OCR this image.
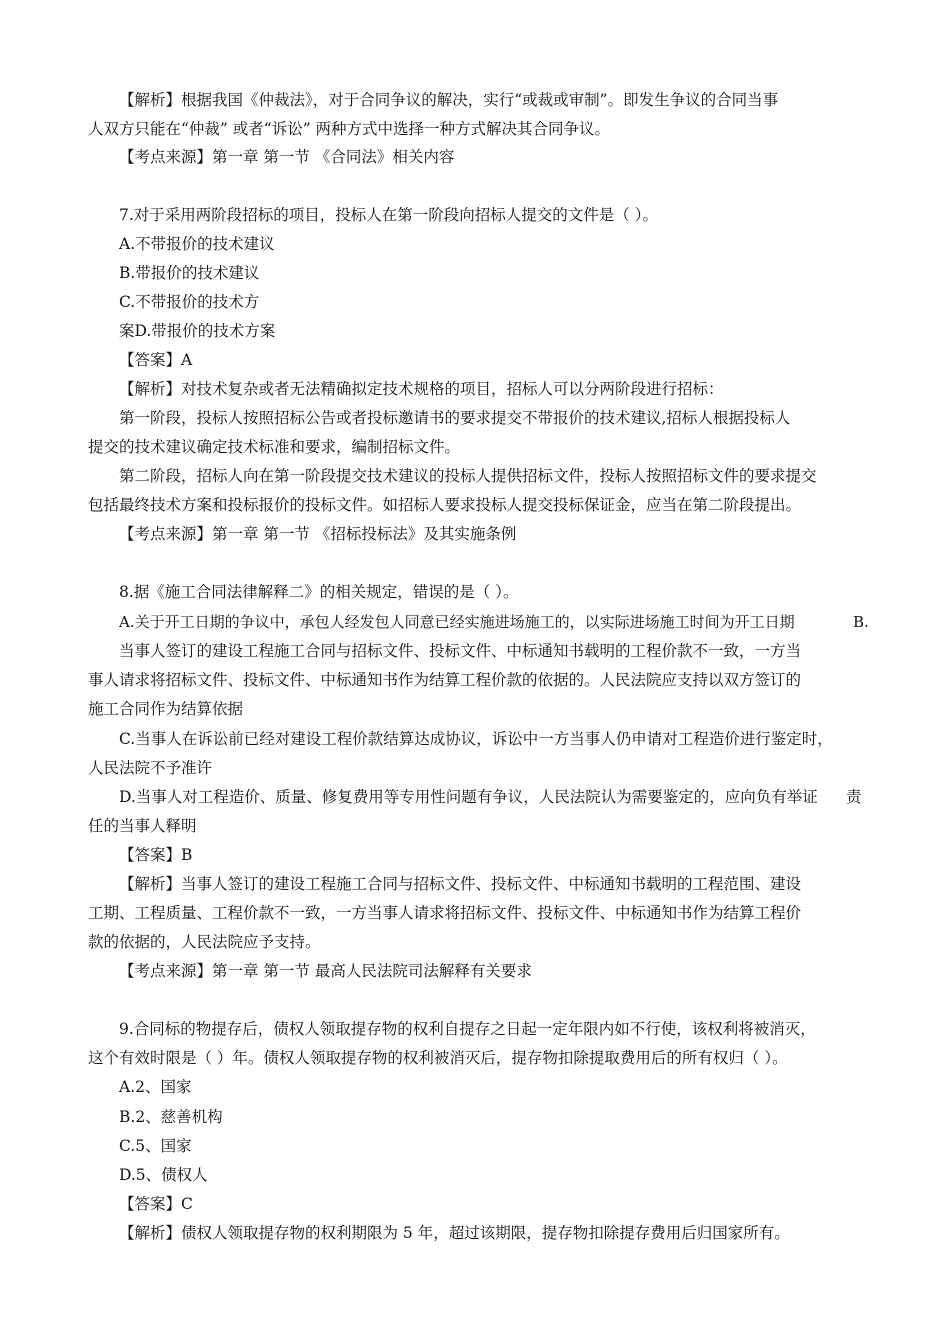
【解析】根据我国《仲裁法》，对于合同争议的解决，实行“或裁或审制”。即发生争议的合同当事
人双方只能在“仲裁” 或者“诉讼” 两种方式中选择一种方式解决其合同争议。
【考点来源】第一章 第一节 《合同法》相关内容
7.对于采用两阶段招标的项目，投标人在第一阶段向招标人提交的文件是（ ）。
A.不带报价的技术建议
B.带报价的技术建议
C.不带报价的技术方
案D.带报价的技术方案
【答案】A
【解析】对技术复杂或者无法精确拟定技术规格的项目，招标人可以分两阶段进行招标：
第一阶段，投标人按照招标公告或者投标邀请书的要求提交不带报价的技术建议,招标人根据投标人
提交的技术建议确定技术标准和要求，编制招标文件。
第二阶段，招标人向在第一阶段提交技术建议的投标人提供招标文件，投标人按照招标文件的要求提交
包括最终技术方案和投标报价的投标文件。如招标人要求投标人提交投标保证金，应当在第二阶段提出。
【考点来源】第一章 第一节 《招标投标法》及其实施条例
8.据《施工合同法律解释二》的相关规定，错误的是（ ）。
A.关于开工日期的争议中，承包人经发包人同意已经实施进场施工的，以实际进场施工时间为开工日期	B.
当事人签订的建设工程施工合同与招标文件、投标文件、中标通知书载明的工程价款不一致，一方当
事人请求将招标文件、投标文件、中标通知书作为结算工程价款的依据的。人民法院应支持以双方签订的
施工合同作为结算依据
C.当事人在诉讼前已经对建设工程价款结算达成协议，诉讼中一方当事人仍申请对工程造价进行鉴定时，
人民法院不予准许
D.当事人对工程造价、质量、修复费用等专用性问题有争议，人民法院认为需要鉴定的，应向负有举证 责
任的当事人释明
【答案】B
【解析】当事人签订的建设工程施工合同与招标文件、投标文件、中标通知书载明的工程范围、建设
工期、工程质量、工程价款不一致，一方当事人请求将招标文件、投标文件、中标通知书作为结算工程价
款的依据的，人民法院应予支持。
【考点来源】第一章 第一节 最高人民法院司法解释有关要求
9.合同标的物提存后，债权人领取提存物的权利自提存之日起一定年限内如不行使，该权利将被消灭，
这个有效时限是（ ）年。债权人领取提存物的权利被消灭后，提存物扣除提取费用后的所有权归（ ）。
A.2、国家
B.2、慈善机构
C.5、国家
D.5、债权人
【答案】C
【解析】债权人领取提存物的权利期限为 5 年，超过该期限，提存物扣除提存费用后归国家所有。
